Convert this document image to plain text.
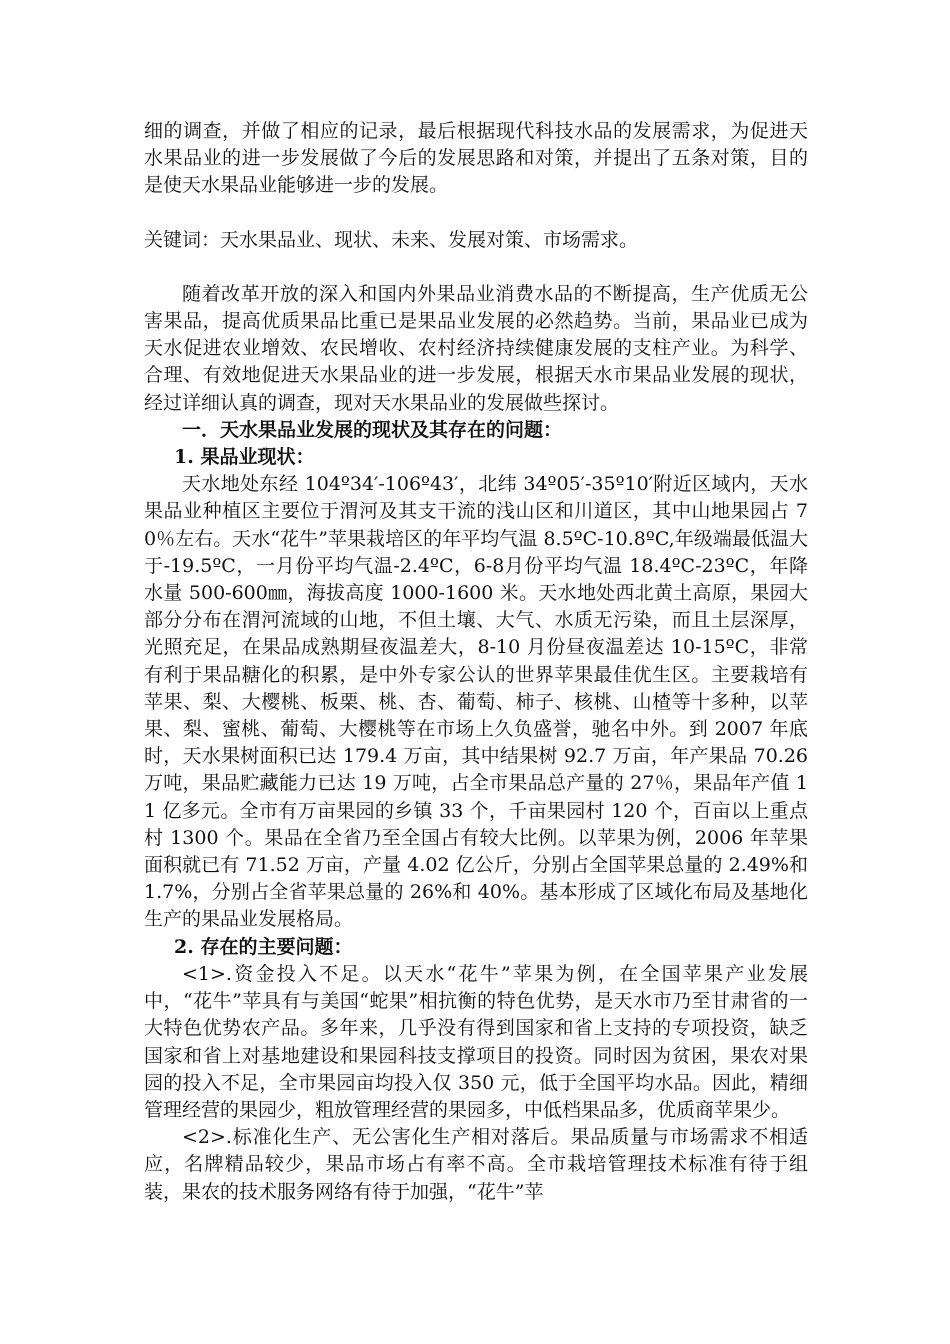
细的调查，并做了相应的记录，最后根据现代科技水品的发展需求，为促进天水果品业的进一步发展做了今后的发展思路和对策，并提出了五条对策，目的是使天水果品业能够进一步的发展。

关键词：天水果品业、现状、未来、发展对策、市场需求。

随着改革开放的深入和国内外果品业消费水品的不断提高，生产优质无公害果品，提高优质果品比重已是果品业发展的必然趋势。当前，果品业已成为天水促进农业增效、农民增收、农村经济持续健康发展的支柱产业。为科学、合理、有效地促进天水果品业的进一步发展，根据天水市果品业发展的现状，经过详细认真的调查，现对天水果品业的发展做些探讨。

一．天水果品业发展的现状及其存在的问题：

1. 果品业现状：

天水地处东经 104º34′-106º43′，北纬 34º05′-35º10′附近区域内，天水果品业种植区主要位于渭河及其支干流的浅山区和川道区，其中山地果园占 70％左右。天水“花牛”苹果栽培区的年平均气温 8.5ºC-10.8ºC,年级端最低温大于-19.5ºC，一月份平均气温-2.4ºC，6-8月份平均气温 18.4ºC-23ºC，年降水量 500-600㎜，海拔高度 1000-1600 米。天水地处西北黄土高原，果园大部分分布在渭河流域的山地，不但土壤、大气、水质无污染，而且土层深厚，光照充足，在果品成熟期昼夜温差大，8-10 月份昼夜温差达 10-15ºC，非常有利于果品糖化的积累，是中外专家公认的世界苹果最佳优生区。主要栽培有苹果、梨、大樱桃、板栗、桃、杏、葡萄、柿子、核桃、山楂等十多种，以苹果、梨、蜜桃、葡萄、大樱桃等在市场上久负盛誉，驰名中外。到 2007 年底时，天水果树面积已达 179.4 万亩，其中结果树 92.7 万亩，年产果品 70.26 万吨，果品贮藏能力已达 19 万吨，占全市果品总产量的 27％，果品年产值 11 亿多元。全市有万亩果园的乡镇 33 个，千亩果园村 120 个，百亩以上重点村 1300 个。果品在全省乃至全国占有较大比例。以苹果为例，2006 年苹果面积就已有 71.52 万亩，产量 4.02 亿公斤，分别占全国苹果总量的 2.49%和 1.7%，分别占全省苹果总量的 26%和 40%。基本形成了区域化布局及基地化生产的果品业发展格局。

2. 存在的主要问题：

<1>.资金投入不足。以天水“花牛”苹果为例，在全国苹果产业发展中，“花牛”苹具有与美国“蛇果”相抗衡的特色优势，是天水市乃至甘肃省的一大特色优势农产品。多年来，几乎没有得到国家和省上支持的专项投资，缺乏国家和省上对基地建设和果园科技支撑项目的投资。同时因为贫困，果农对果园的投入不足，全市果园亩均投入仅 350 元，低于全国平均水品。因此，精细管理经营的果园少，粗放管理经营的果园多，中低档果品多，优质商苹果少。

<2>.标准化生产、无公害化生产相对落后。果品质量与市场需求不相适应，名牌精品较少，果品市场占有率不高。全市栽培管理技术标准有待于组装，果农的技术服务网络有待于加强，“花牛”苹
